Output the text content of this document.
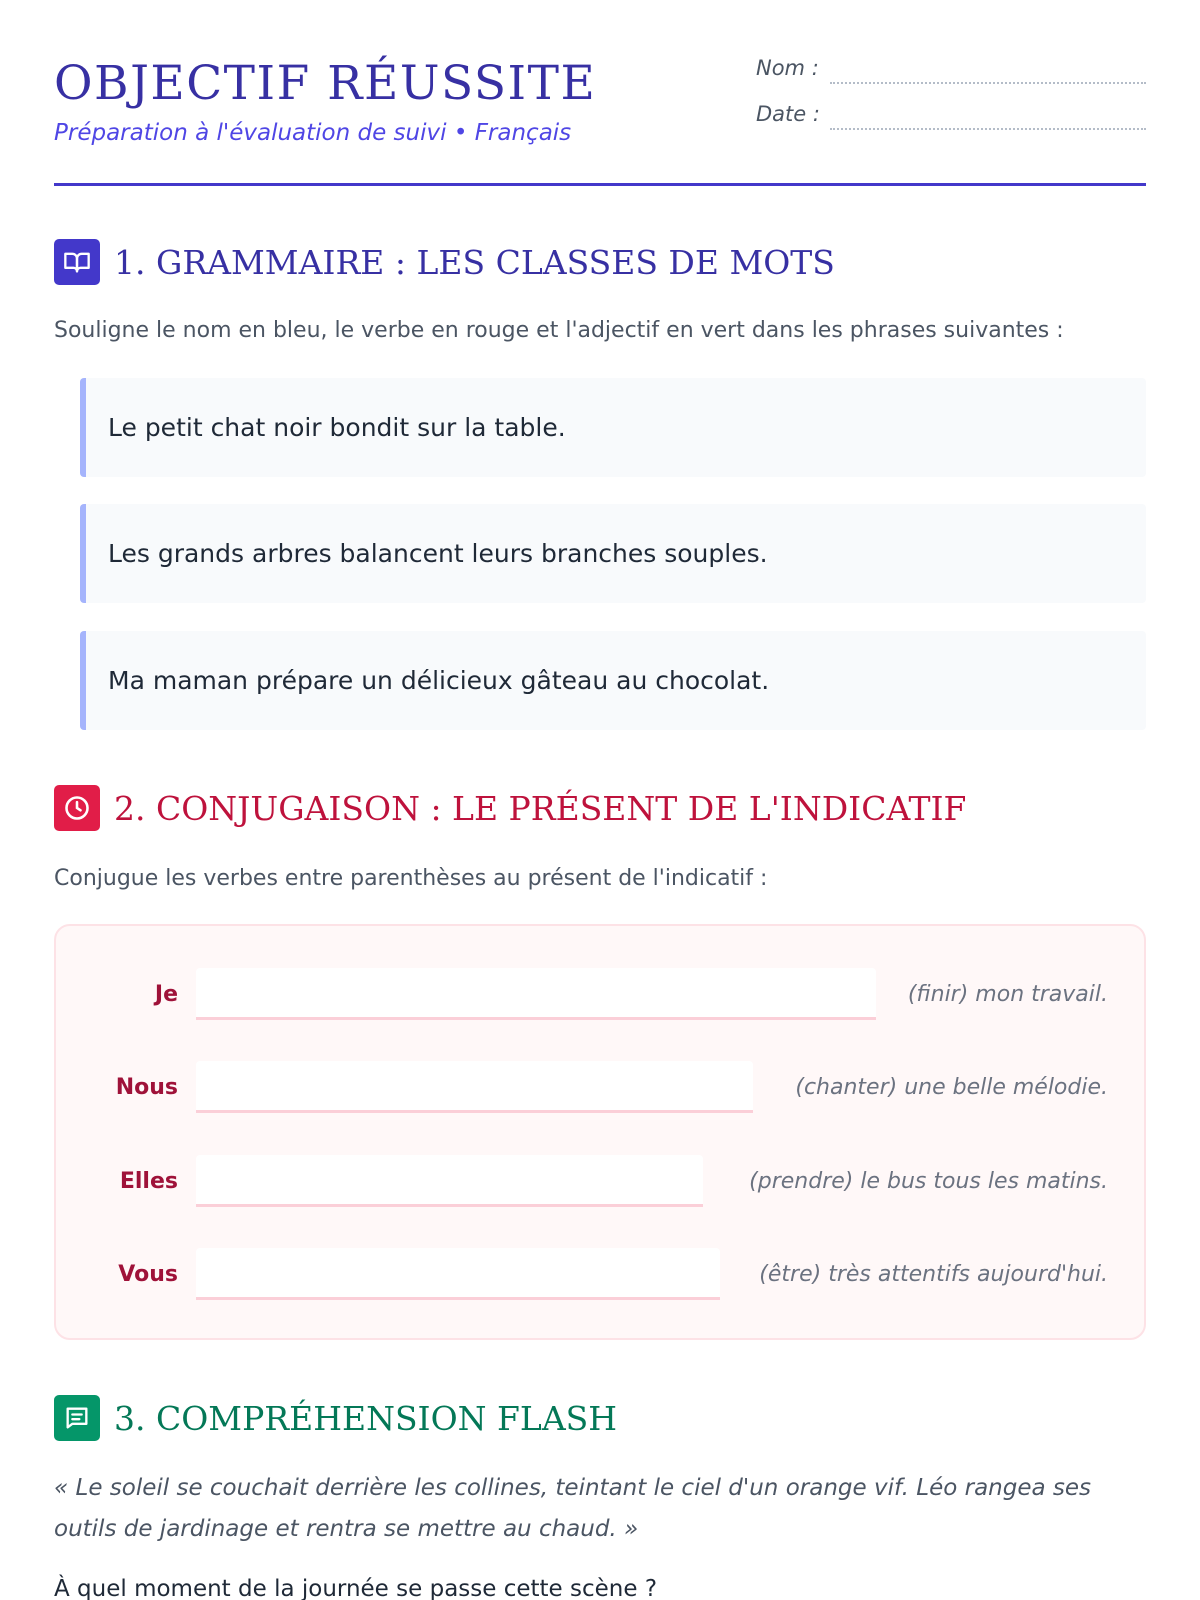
OBJECTIF RÉUSSITE
Préparation à l'évaluation de suivi • Français
Nom :
Date :
1. GRAMMAIRE : LES CLASSES DE MOTS
Souligne le nom en bleu, le verbe en rouge et l'adjectif en vert dans les phrases suivantes :
Le petit chat noir bondit sur la table.
Les grands arbres balancent leurs branches souples.
Ma maman prépare un délicieux gâteau au chocolat.
2. CONJUGAISON : LE PRÉSENT DE L'INDICATIF
Conjugue les verbes entre parenthèses au présent de l'indicatif :
Je	(finir) mon travail.
Nous	(chanter) une belle mélodie.
Elles	(prendre) le bus tous les matins.
Vous	(être) très attentifs aujourd'hui.
3. COMPRÉHENSION FLASH
« Le soleil se couchait derrière les collines, teintant le ciel d'un orange vif. Léo rangea ses outils de jardinage et rentra se mettre au chaud. »
À quel moment de la journée se passe cette scène ?
